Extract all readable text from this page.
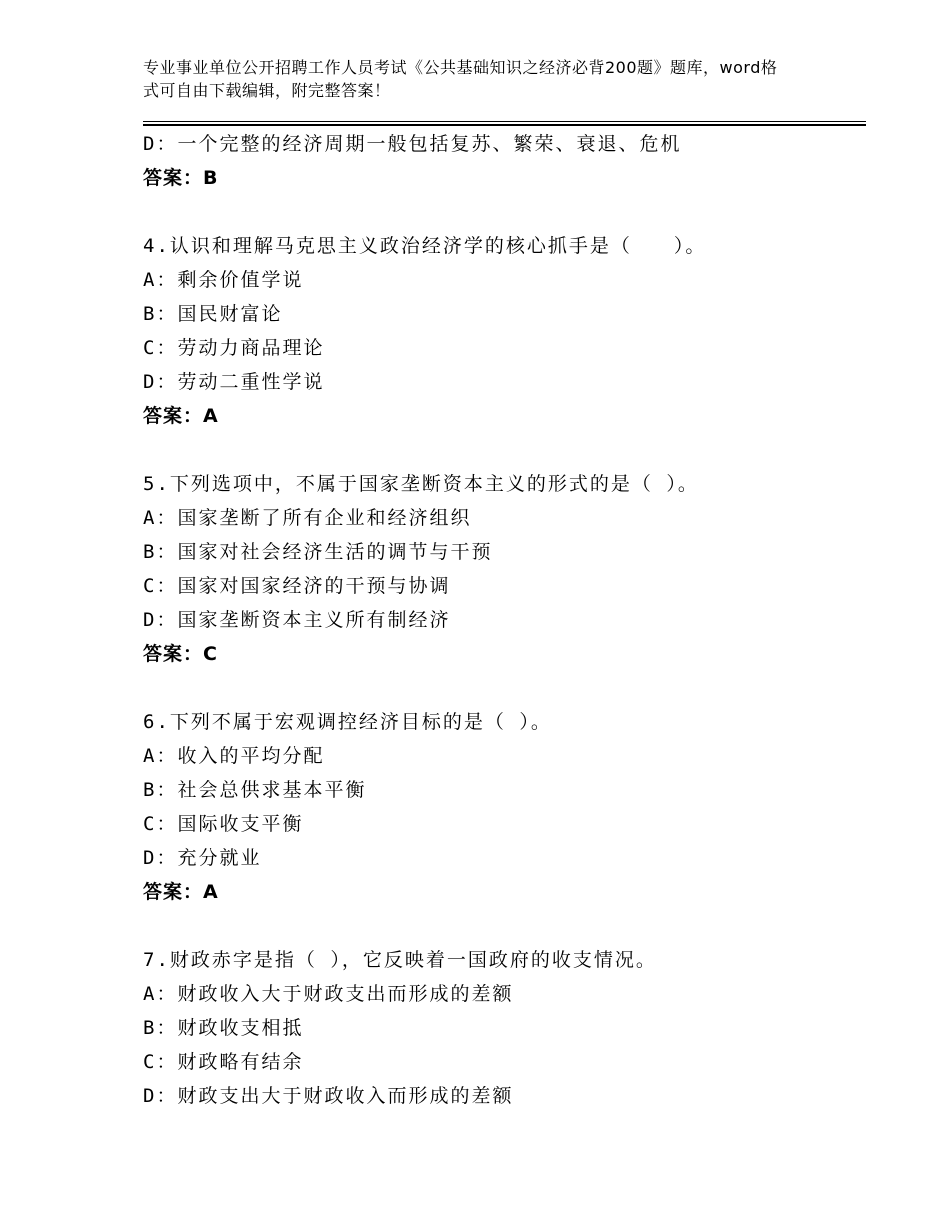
专业事业单位公开招聘工作人员考试《公共基础知识之经济必背200题》题库，word格式可自由下载编辑，附完整答案！
D：一个完整的经济周期一般包括复苏、繁荣、衰退、危机
答案：B
4.认识和理解马克思主义政治经济学的核心抓手是（　　）。
A：剩余价值学说
B：国民财富论
C：劳动力商品理论
D：劳动二重性学说
答案：A
5.下列选项中，不属于国家垄断资本主义的形式的是（ ）。
A：国家垄断了所有企业和经济组织
B：国家对社会经济生活的调节与干预
C：国家对国家经济的干预与协调
D：国家垄断资本主义所有制经济
答案：C
6.下列不属于宏观调控经济目标的是（ ）。
A：收入的平均分配
B：社会总供求基本平衡
C：国际收支平衡
D：充分就业
答案：A
7.财政赤字是指（ ），它反映着一国政府的收支情况。
A：财政收入大于财政支出而形成的差额
B：财政收支相抵
C：财政略有结余
D：财政支出大于财政收入而形成的差额
